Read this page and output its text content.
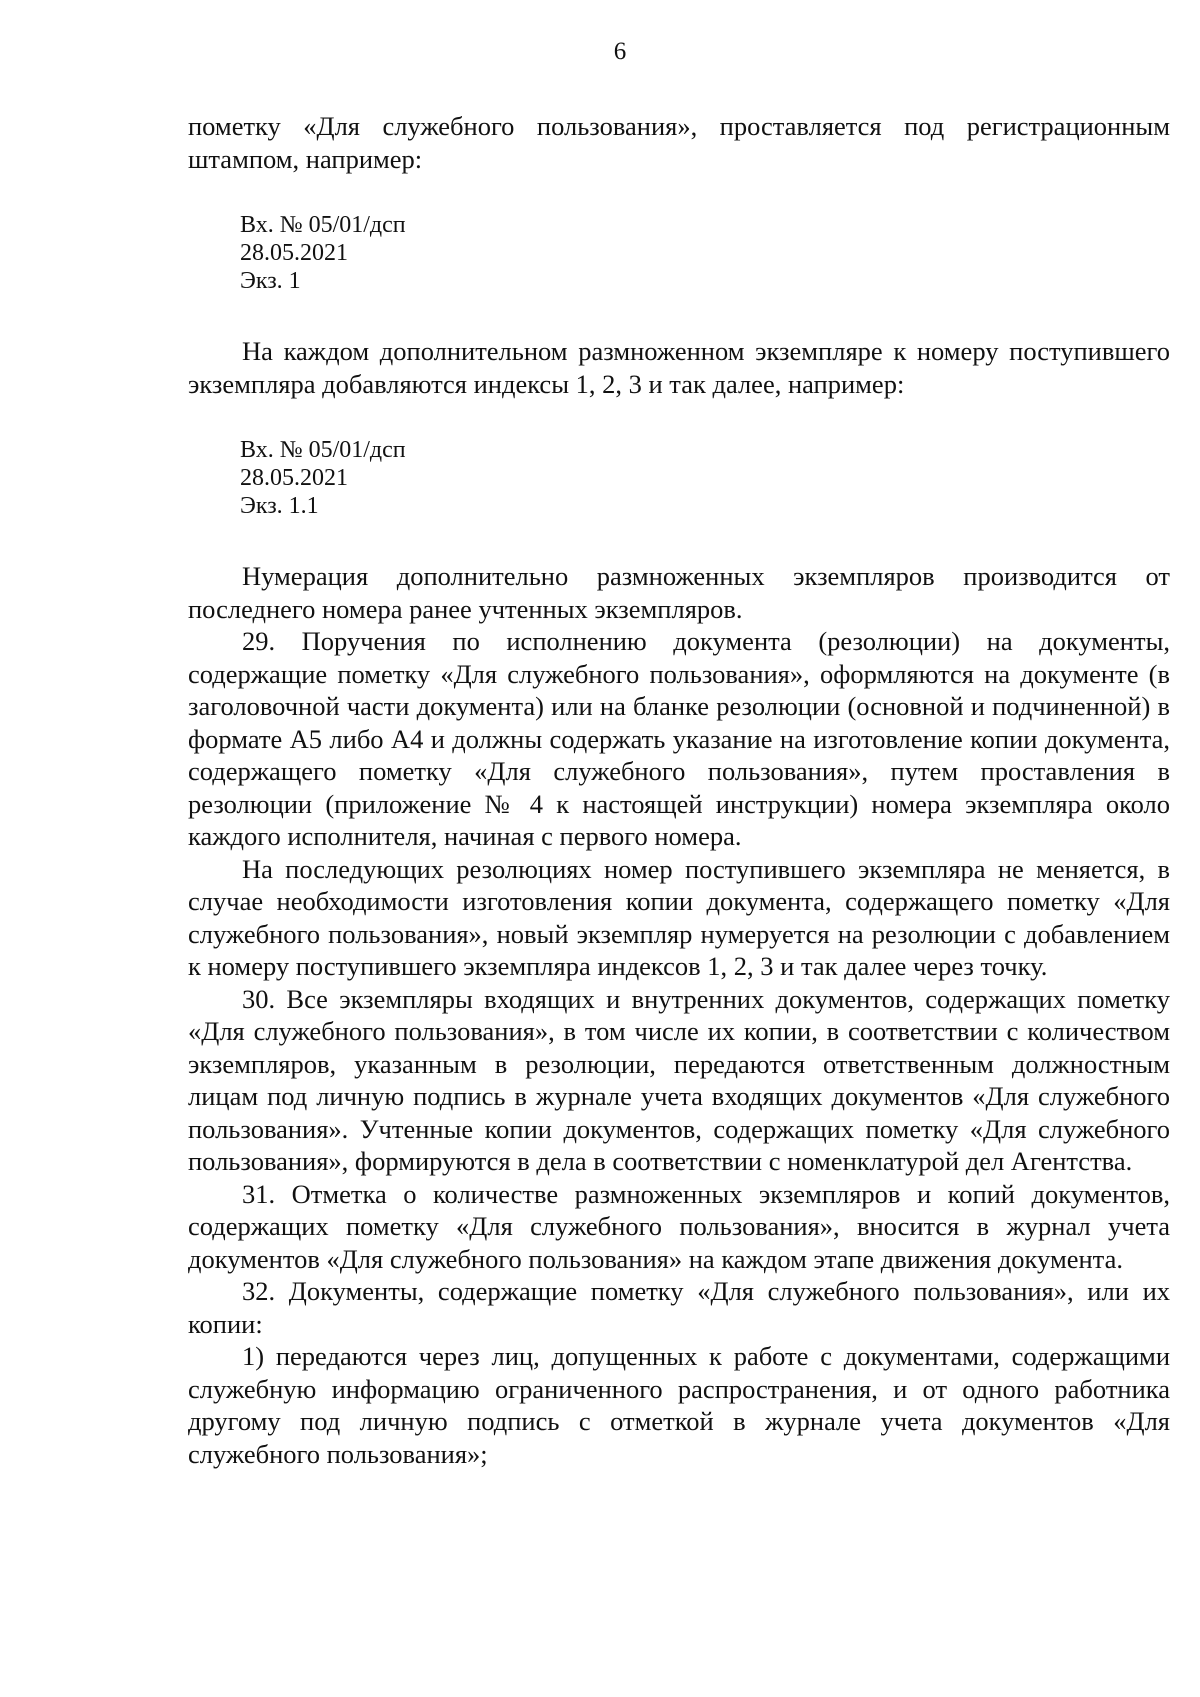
6

пометку «Для служебного пользования», проставляется под регистрационным штампом, например:

Вх. № 05/01/дсп
28.05.2021
Экз. 1

На каждом дополнительном размноженном экземпляре к номеру поступившего экземпляра добавляются индексы 1, 2, 3 и так далее, например:

Вх. № 05/01/дсп
28.05.2021
Экз. 1.1

Нумерация дополнительно размноженных экземпляров производится от последнего номера ранее учтенных экземпляров.

29. Поручения по исполнению документа (резолюции) на документы, содержащие пометку «Для служебного пользования», оформляются на документе (в заголовочной части документа) или на бланке резолюции (основной и подчиненной) в формате А5 либо А4 и должны содержать указание на изготовление копии документа, содержащего пометку «Для служебного пользования», путем проставления в резолюции (приложение № 4 к настоящей инструкции) номера экземпляра около каждого исполнителя, начиная с первого номера.

На последующих резолюциях номер поступившего экземпляра не меняется, в случае необходимости изготовления копии документа, содержащего пометку «Для служебного пользования», новый экземпляр нумеруется на резолюции с добавлением к номеру поступившего экземпляра индексов 1, 2, 3 и так далее через точку.

30. Все экземпляры входящих и внутренних документов, содержащих пометку «Для служебного пользования», в том числе их копии, в соответствии с количеством экземпляров, указанным в резолюции, передаются ответственным должностным лицам под личную подпись в журнале учета входящих документов «Для служебного пользования». Учтенные копии документов, содержащих пометку «Для служебного пользования», формируются в дела в соответствии с номенклатурой дел Агентства.

31. Отметка о количестве размноженных экземпляров и копий документов, содержащих пометку «Для служебного пользования», вносится в журнал учета документов «Для служебного пользования» на каждом этапе движения документа.

32. Документы, содержащие пометку «Для служебного пользования», или их копии:

1) передаются через лиц, допущенных к работе с документами, содержащими служебную информацию ограниченного распространения, и от одного работника другому под личную подпись с отметкой в журнале учета документов «Для служебного пользования»;
